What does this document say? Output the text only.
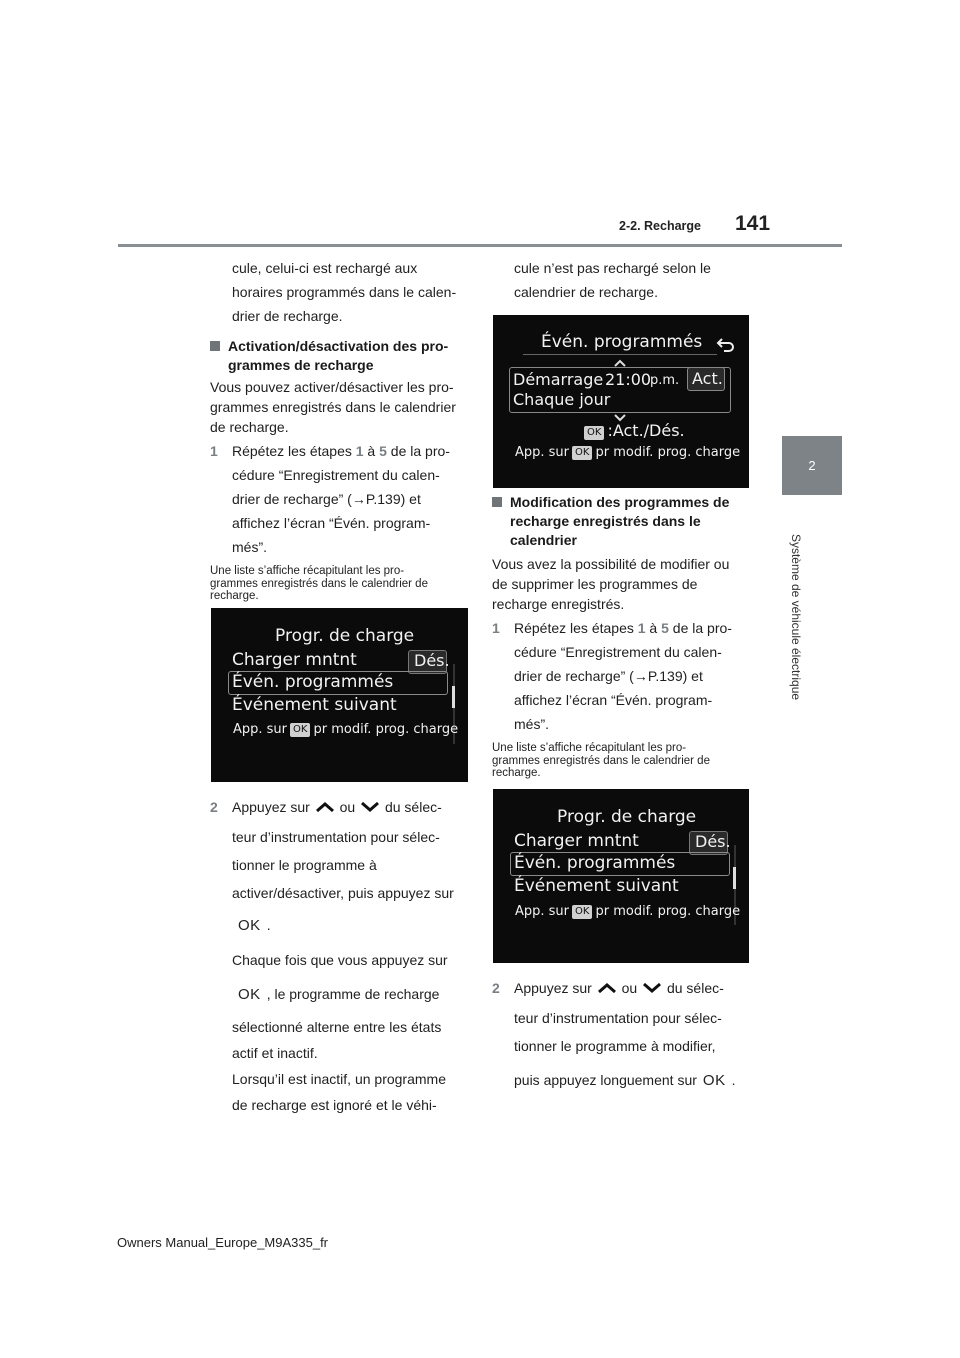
2-2. Recharge 141
2
Système de véhicule électrique
cule, celui-ci est rechargé aux
horaires programmés dans le calen-
drier de recharge.
Activation/désactivation des pro-
grammes de recharge
Vous pouvez activer/désactiver les pro-
grammes enregistrés dans le calendrier
de recharge.
1 Répétez les étapes 1 à 5 de la pro-
cédure “Enregistrement du calen-
drier de recharge” (→P.139) et
affichez l’écran “Évén. program-
més”.
Une liste s’affiche récapitulant les pro-
grammes enregistrés dans le calendrier de
recharge.
Progr. de charge
Charger mntnt	Dés.
Évén. programmés
Événement suivant
App. sur OK pr modif. prog. charge
2 Appuyez sur ou du sélec-
teur d’instrumentation pour sélec-
tionner le programme à
activer/désactiver, puis appuyez sur
OK .
Chaque fois que vous appuyez sur
OK , le programme de recharge
sélectionné alterne entre les états
actif et inactif.
Lorsqu’il est inactif, un programme
de recharge est ignoré et le véhi-
cule n’est pas rechargé selon le
calendrier de recharge.
Évén. programmés
Démarrage 21:00
p.m. Act.
Chaque jour
OK :Act./Dés.
App. sur OK pr modif. prog. charge
Modification des programmes de
recharge enregistrés dans le
calendrier
Vous avez la possibilité de modifier ou
de supprimer les programmes de
recharge enregistrés.
1 Répétez les étapes 1 à 5 de la pro-
cédure “Enregistrement du calen-
drier de recharge” (→P.139) et
affichez l’écran “Évén. program-
més”.
Une liste s’affiche récapitulant les pro-
grammes enregistrés dans le calendrier de
recharge.
Progr. de charge
Charger mntnt	Dés.
Évén. programmés
Événement suivant
App. sur OK pr modif. prog. charge
2 Appuyez sur ou du sélec-
teur d’instrumentation pour sélec-
tionner le programme à modifier,
puis appuyez longuement sur OK .
Owners Manual_Europe_M9A335_fr
